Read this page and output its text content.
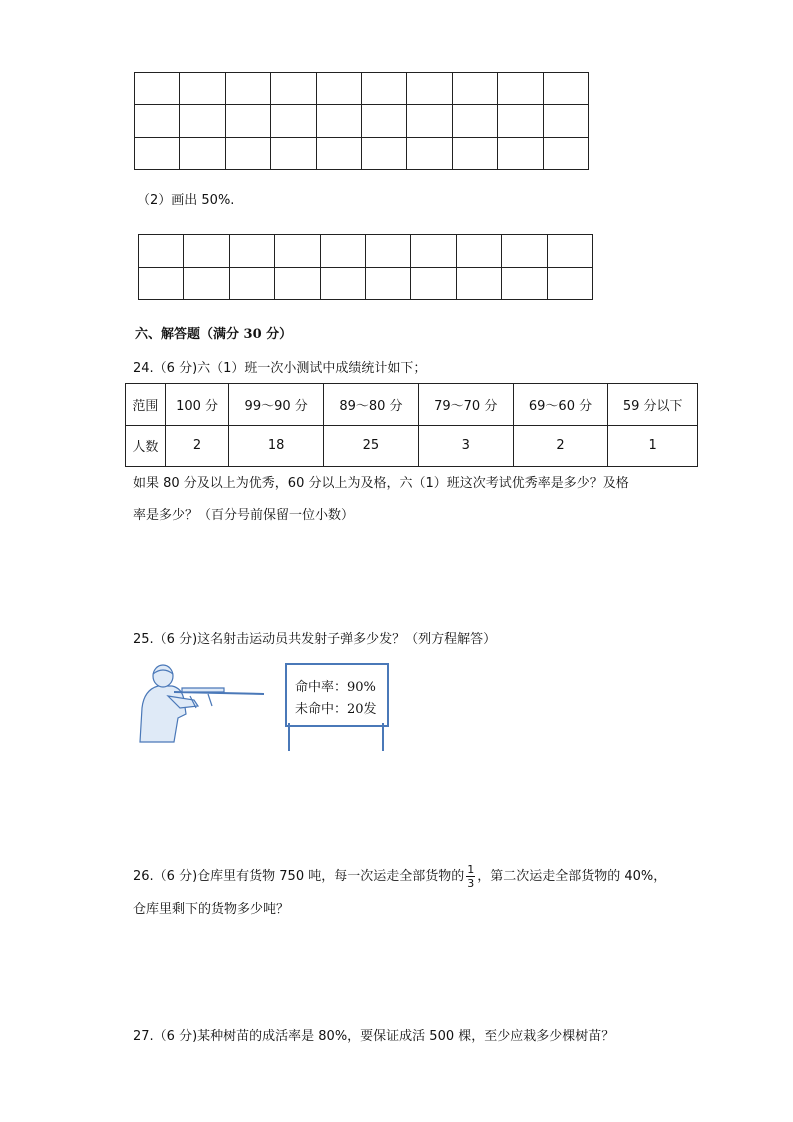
（2）画出 50%.

六、解答题（满分 30 分）
24.（6 分)六（1）班一次小测试中成绩统计如下；
范围	100 分	99～90 分	89～80 分	79～70 分	69～60 分	59 分以下
人数	2	18	25	3	2	1
如果 80 分及以上为优秀，60 分以上为及格，六（1）班这次考试优秀率是多少？及格
率是多少？（百分号前保留一位小数）
25.（6 分)这名射击运动员共发射子弹多少发？（列方程解答）
命中率：90%
未命中：20发
26.（6 分)仓库里有货物 750 吨，每一次运走全部货物的 $\frac{1}{3}$ ，第二次运走全部货物的 40%，
仓库里剩下的货物多少吨？
27.（6 分)某种树苗的成活率是 80%，要保证成活 500 棵，至少应栽多少棵树苗？
